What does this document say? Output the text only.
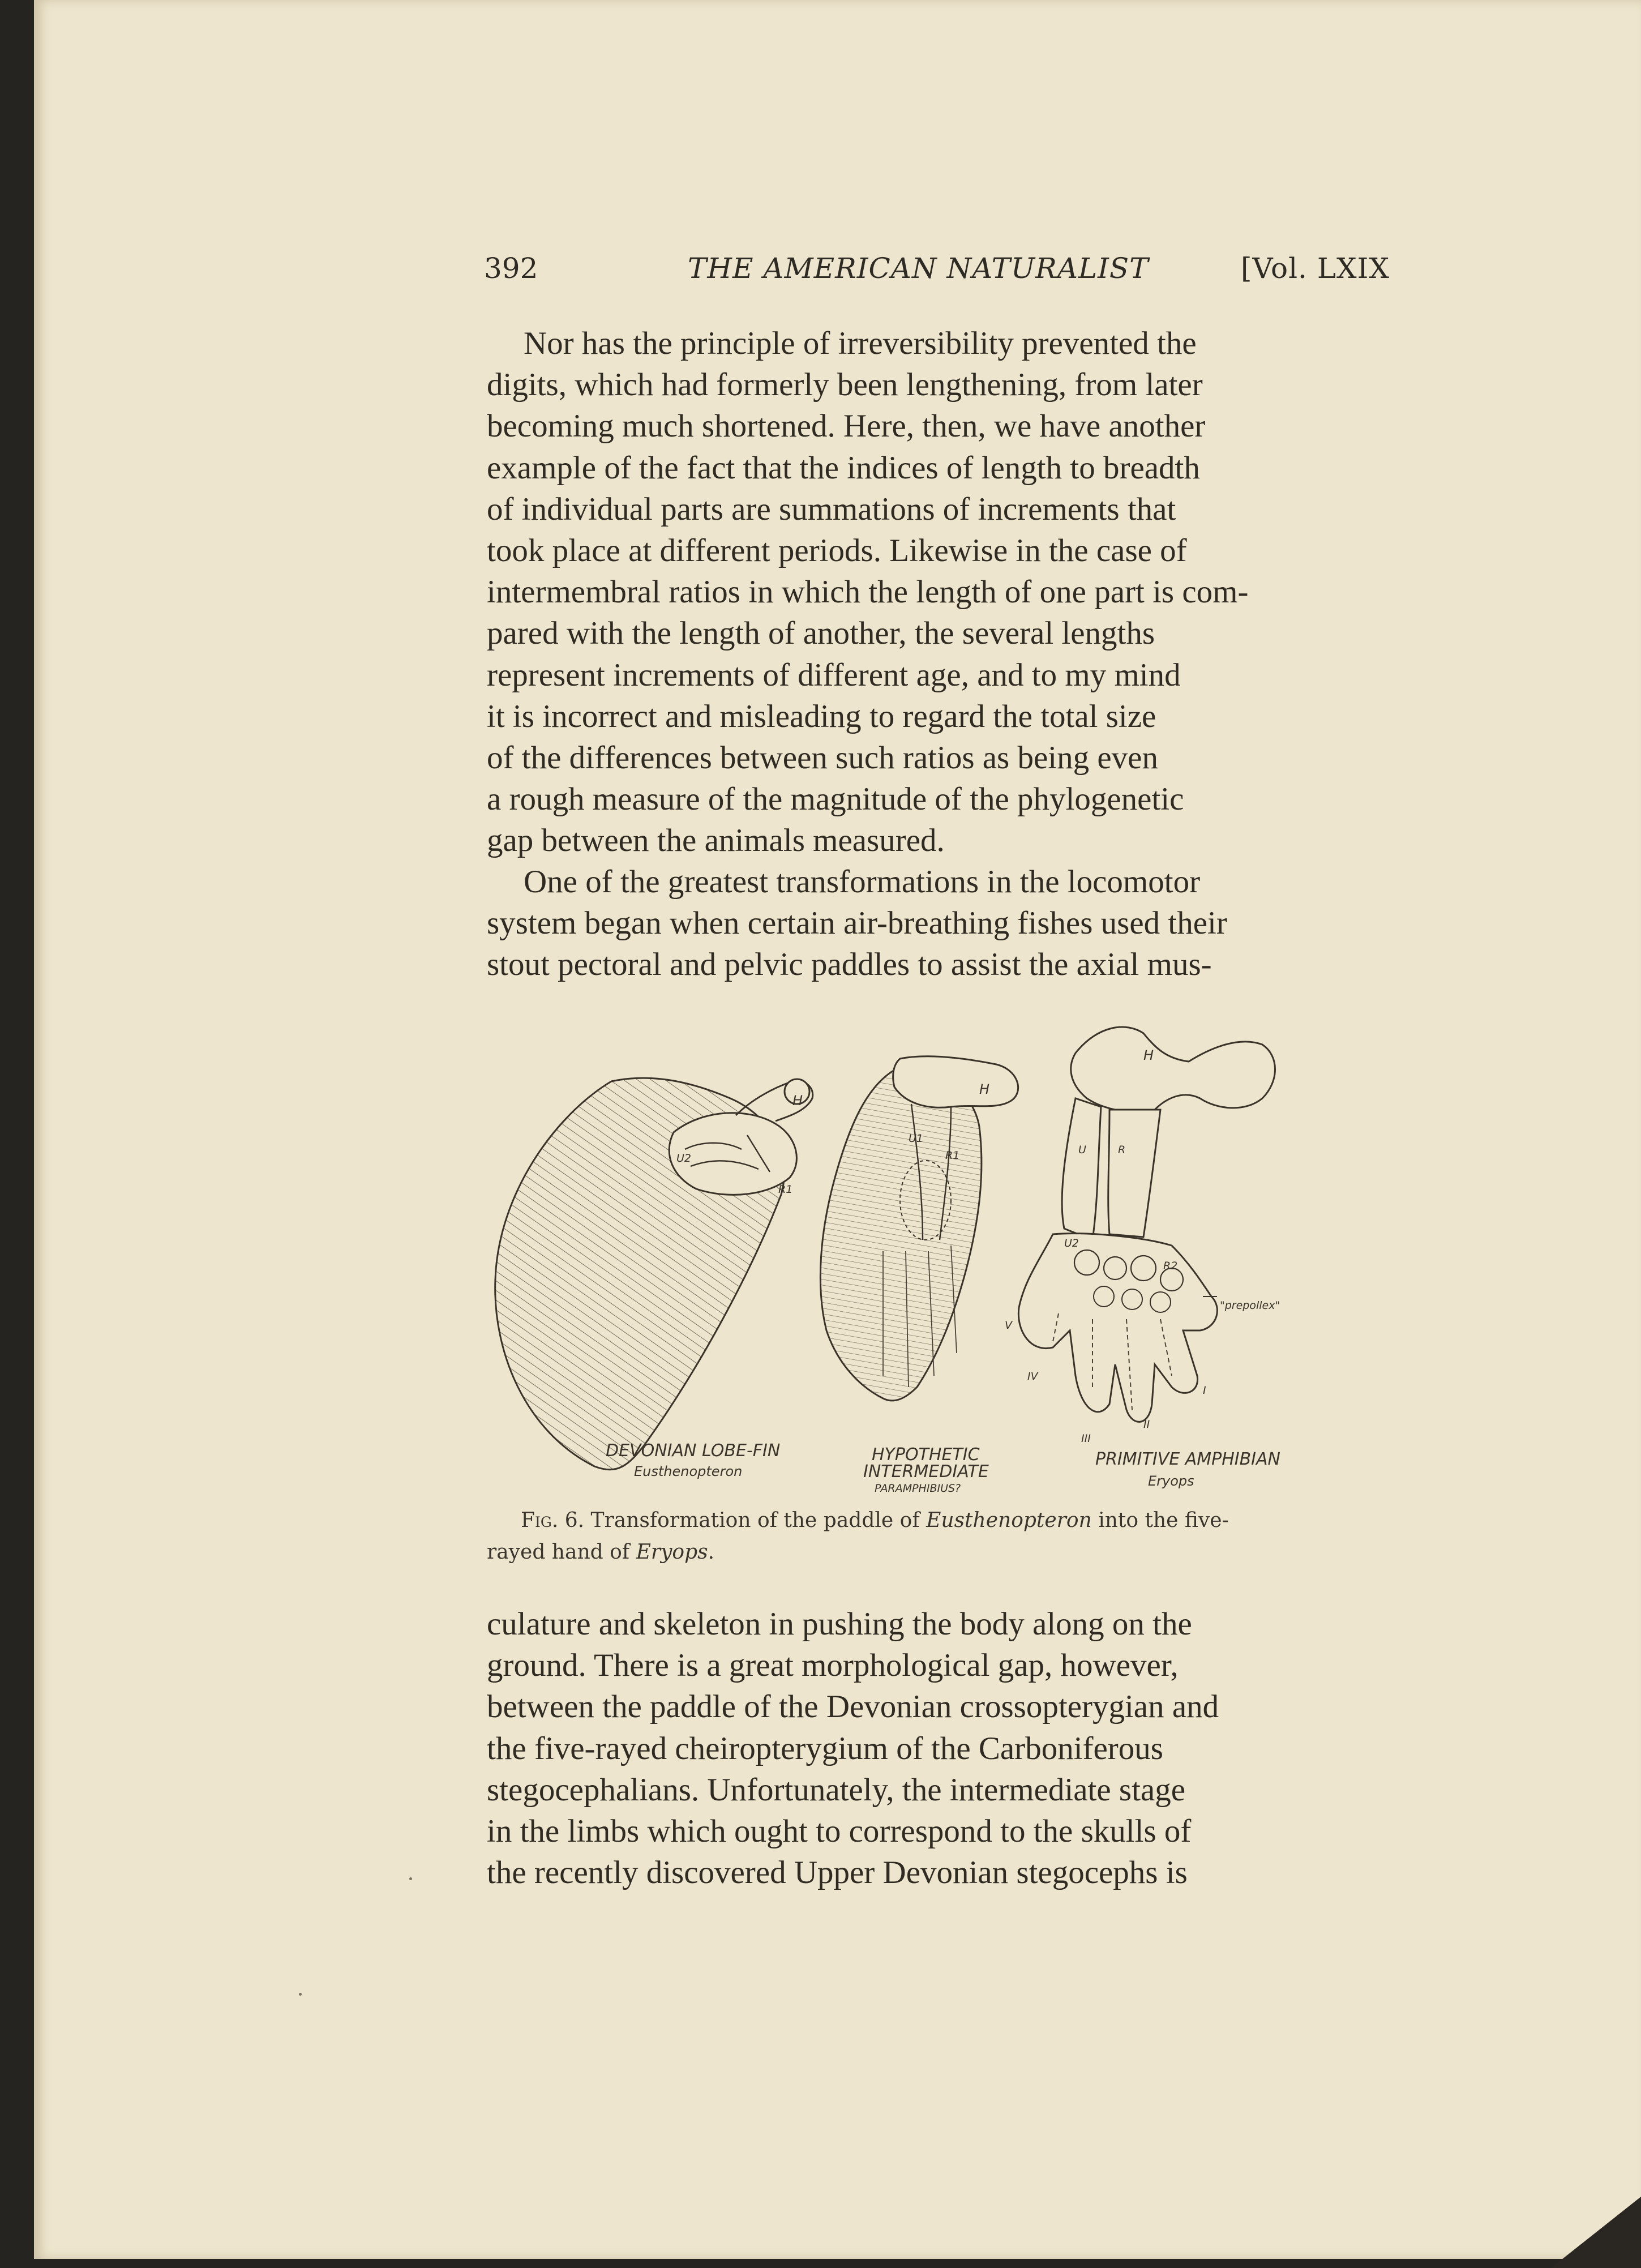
392	THE AMERICAN NATURALIST	[Vol. LXIX
Nor has the principle of irreversibility prevented the
digits, which had formerly been lengthening, from later
becoming much shortened. Here, then, we have another
example of the fact that the indices of length to breadth
of individual parts are summations of increments that
took place at different periods. Likewise in the case of
intermembral ratios in which the length of one part is com-
pared with the length of another, the several lengths
represent increments of different age, and to my mind
it is incorrect and misleading to regard the total size
of the differences between such ratios as being even
a rough measure of the magnitude of the phylogenetic
gap between the animals measured.
One of the greatest transformations in the locomotor
system began when certain air-breathing fishes used their
stout pectoral and pelvic paddles to assist the axial mus-
H
H
H
U2
R1
U1
R1	U	R
U2
R2
"prepollex"
V
IV
III
II
I
DEVONIAN LOBE-FIN
Eusthenopteron
HYPOTHETIC
INTERMEDIATE
PARAMPHIBIUS?
PRIMITIVE AMPHIBIAN
Eryops
Fig. 6. Transformation of the paddle of Eusthenopteron into the five-
rayed hand of Eryops.
culature and skeleton in pushing the body along on the
ground. There is a great morphological gap, however,
between the paddle of the Devonian crossopterygian and
the five-rayed cheiropterygium of the Carboniferous
stegocephalians. Unfortunately, the intermediate stage
in the limbs which ought to correspond to the skulls of
the recently discovered Upper Devonian stegocephs is
